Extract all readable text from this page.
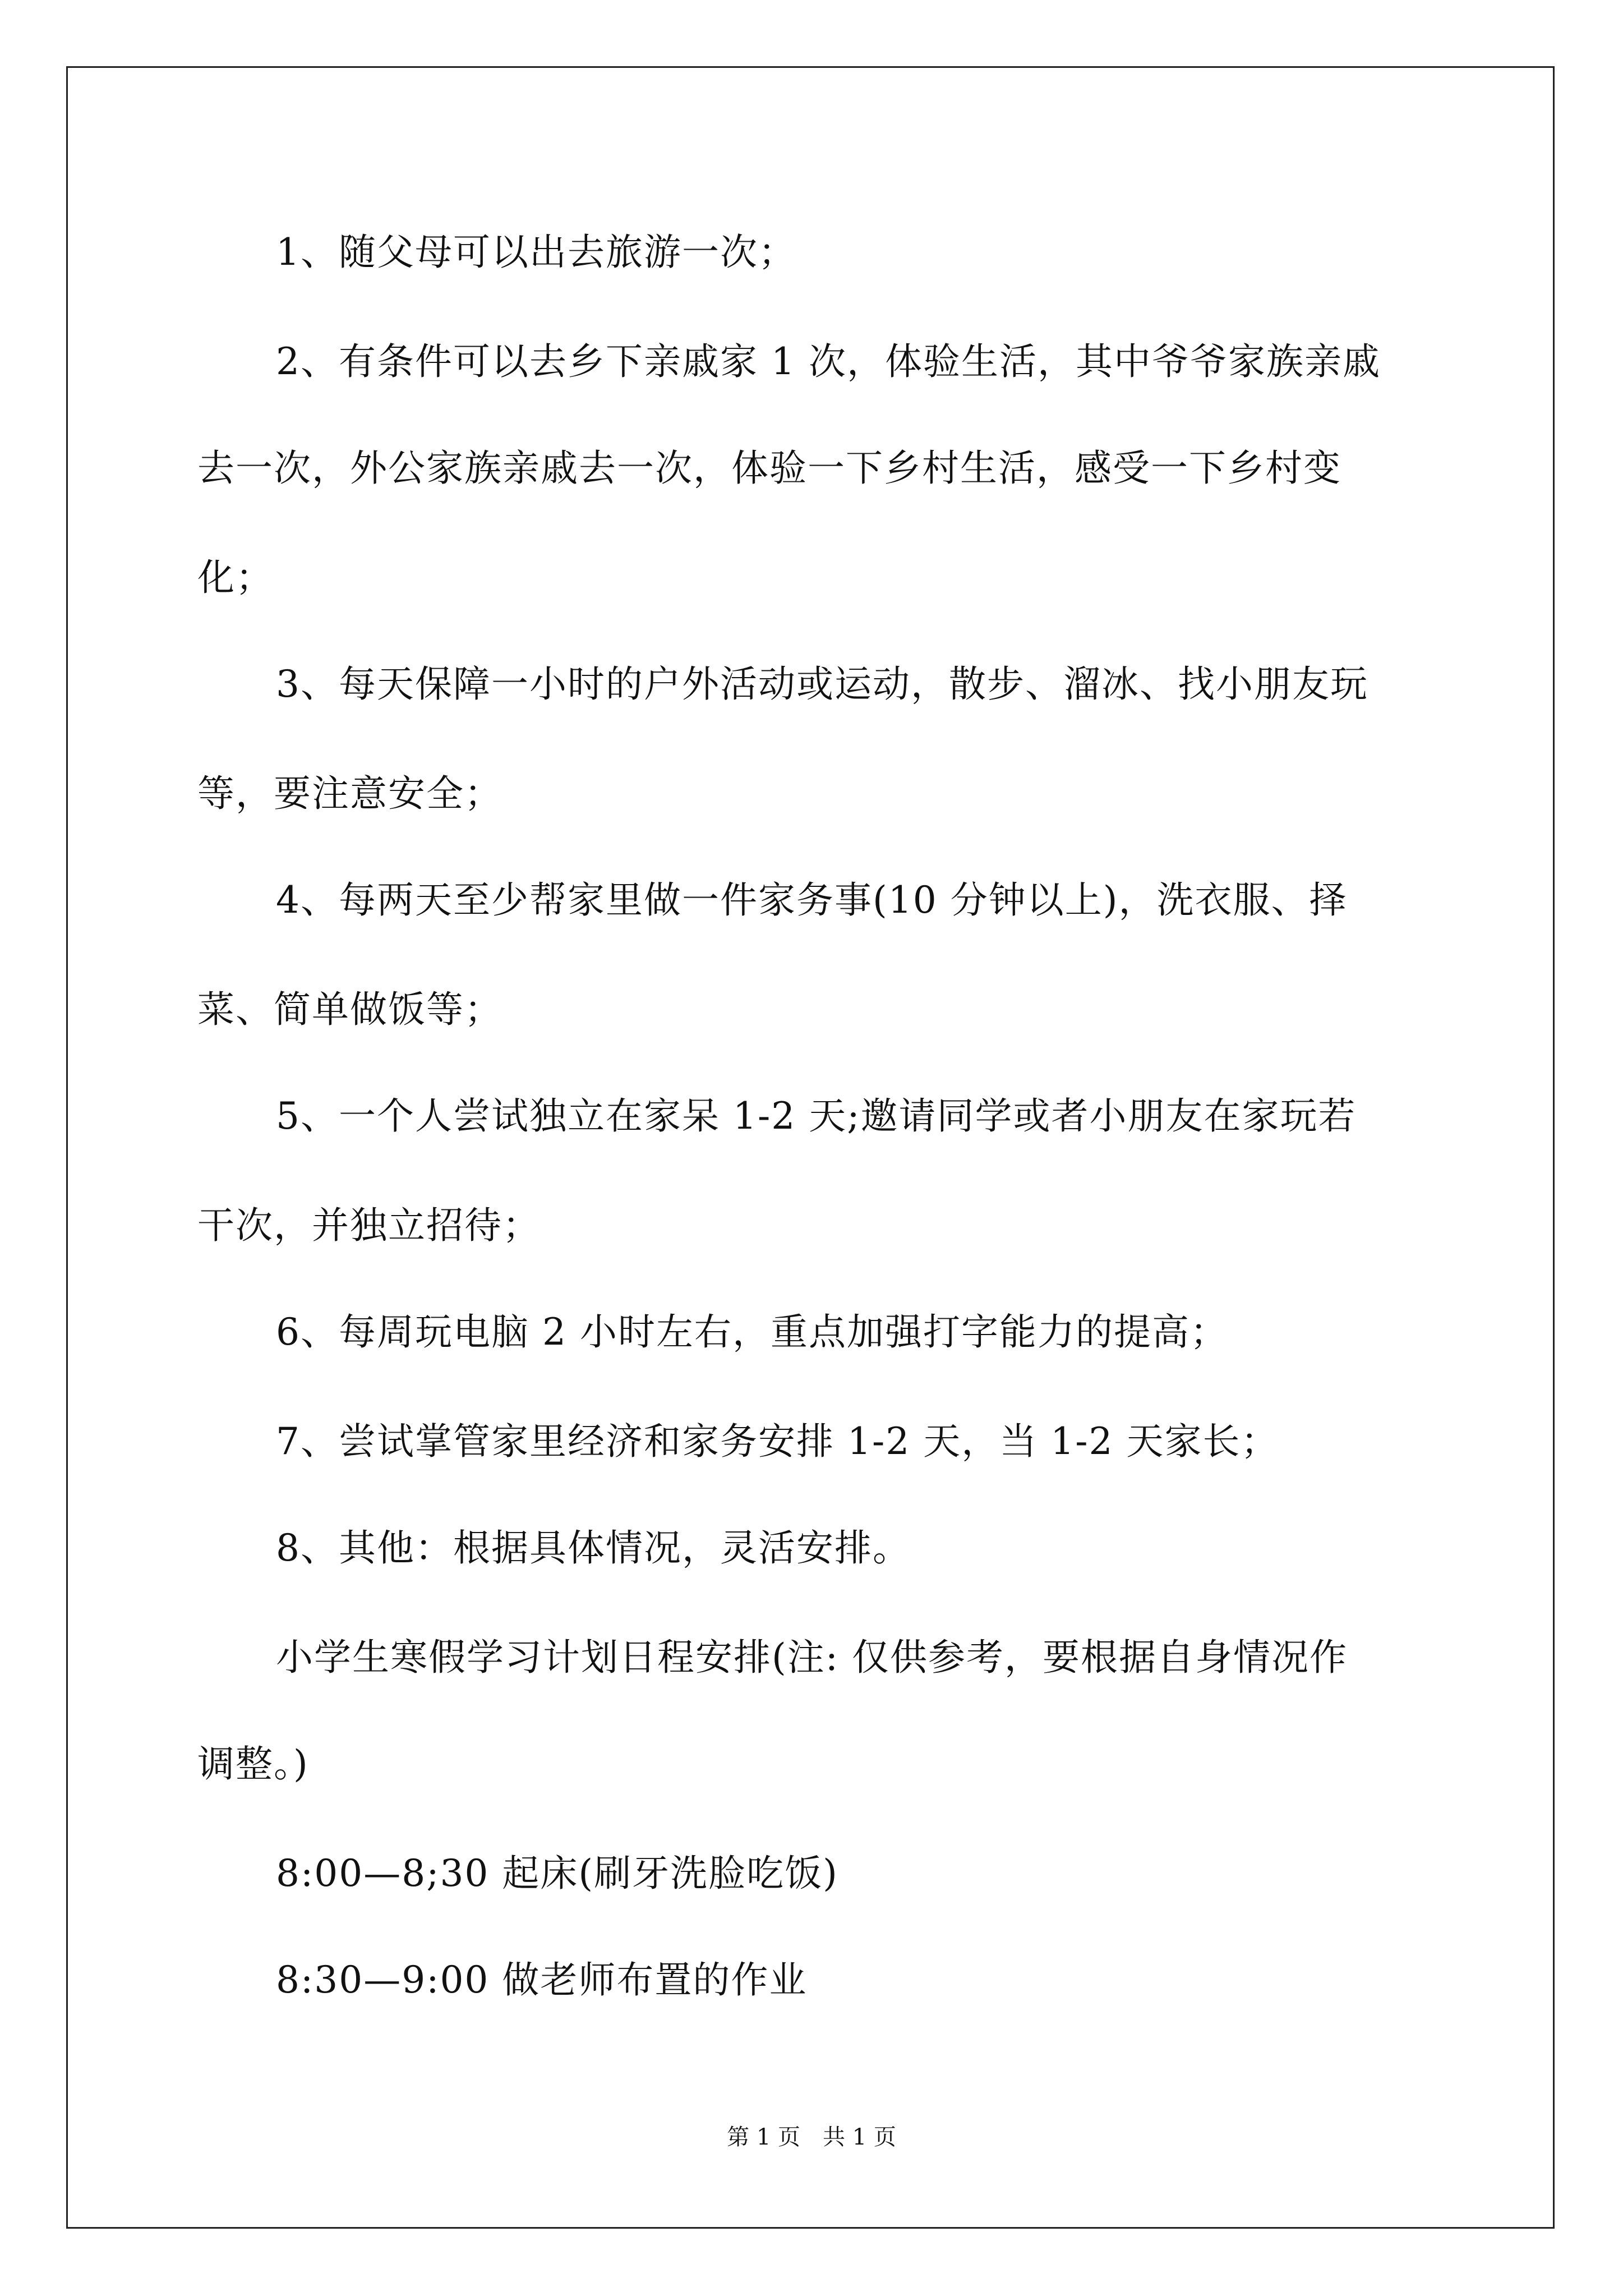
1、随父母可以出去旅游一次；
2、有条件可以去乡下亲戚家 1 次，体验生活，其中爷爷家族亲戚
去一次，外公家族亲戚去一次，体验一下乡村生活，感受一下乡村变
化；
3、每天保障一小时的户外活动或运动，散步、溜冰、找小朋友玩
等，要注意安全；
4、每两天至少帮家里做一件家务事(10 分钟以上)，洗衣服、择
菜、简单做饭等；
5、一个人尝试独立在家呆 1-2 天;邀请同学或者小朋友在家玩若
干次，并独立招待；
6、每周玩电脑 2 小时左右，重点加强打字能力的提高；
7、尝试掌管家里经济和家务安排 1-2 天，当 1-2 天家长；
8、其他：根据具体情况，灵活安排。
小学生寒假学习计划日程安排(注: 仅供参考，要根据自身情况作
调整。)
8:00—8;30 起床(刷牙洗脸吃饭)
8:30—9:00 做老师布置的作业
第 1 页　共 1 页
